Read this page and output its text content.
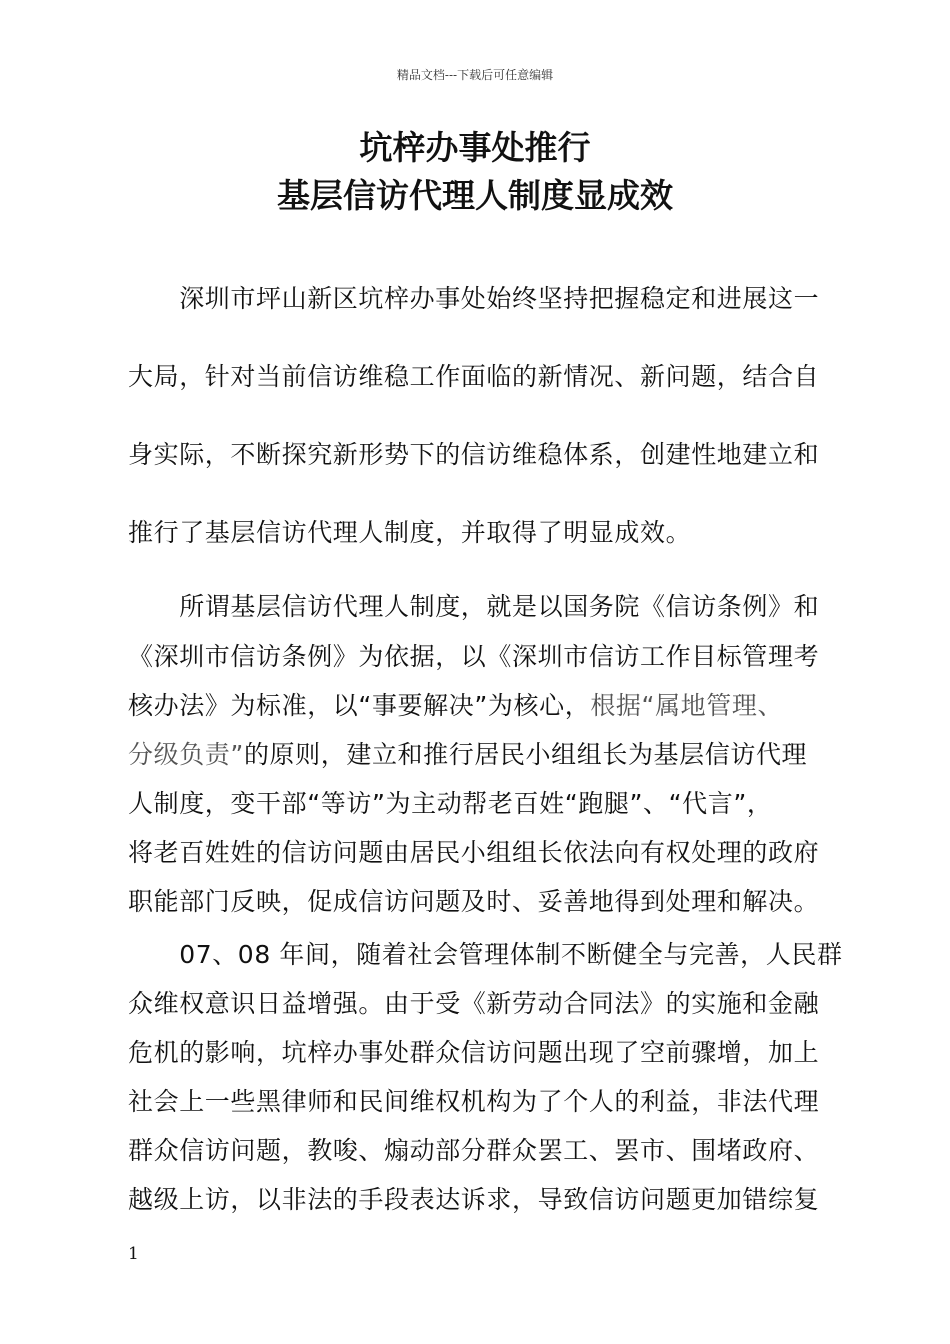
精品文档---下载后可任意编辑
坑梓办事处推行
基层信访代理人制度显成效
　　深圳市坪山新区坑梓办事处始终坚持把握稳定和进展这一
大局，针对当前信访维稳工作面临的新情况、新问题，结合自
身实际，不断探究新形势下的信访维稳体系，创建性地建立和
推行了基层信访代理人制度，并取得了明显成效。
　　所谓基层信访代理人制度，就是以国务院《信访条例》和
《深圳市信访条例》为依据，以《深圳市信访工作目标管理考
核办法》为标准，以“事要解决”为核心，根据“属地管理、
分级负责”的原则，建立和推行居民小组组长为基层信访代理
人制度，变干部“等访”为主动帮老百姓“跑腿”、“代言”，
将老百姓姓的信访问题由居民小组组长依法向有权处理的政府
职能部门反映，促成信访问题及时、妥善地得到处理和解决。
　　07、08 年间，随着社会管理体制不断健全与完善，人民群
众维权意识日益增强。由于受《新劳动合同法》的实施和金融
危机的影响，坑梓办事处群众信访问题出现了空前骤增，加上
社会上一些黑律师和民间维权机构为了个人的利益，非法代理
群众信访问题，教唆、煽动部分群众罢工、罢市、围堵政府、
越级上访，以非法的手段表达诉求，导致信访问题更加错综复
1
